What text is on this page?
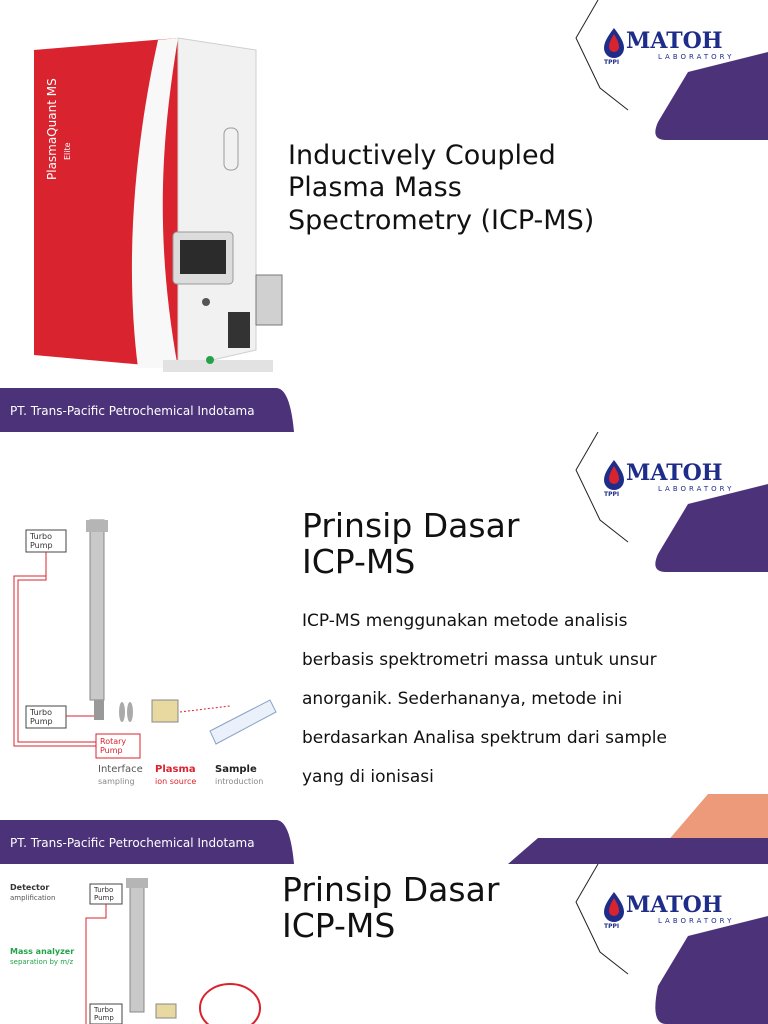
PlasmaQuant MS Elite	Inductively Coupled
Plasma Mass
Spectrometry (ICP-MS)
MATOH
LABORATORY
TPPI
PT. Trans-Pacific Petrochemical Indotama
Turbo Pump
Turbo Pump
Rotary Pump
Interface
sampling
Plasma
ion source
Sample
introduction
Prinsip Dasar
ICP-MS
ICP-MS menggunakan metode analisis
berbasis spektrometri massa untuk unsur
anorganik. Sederhananya, metode ini
berdasarkan Analisa spektrum dari sample
yang di ionisasi
MATOH
LABORATORY
TPPI
PT. Trans-Pacific Petrochemical Indotama
Detector
amplification
Turbo Pump
Mass analyzer
separation by m/z
Turbo Pump
Prinsip Dasar
ICP-MS
MATOH
LABORATORY
TPPI
